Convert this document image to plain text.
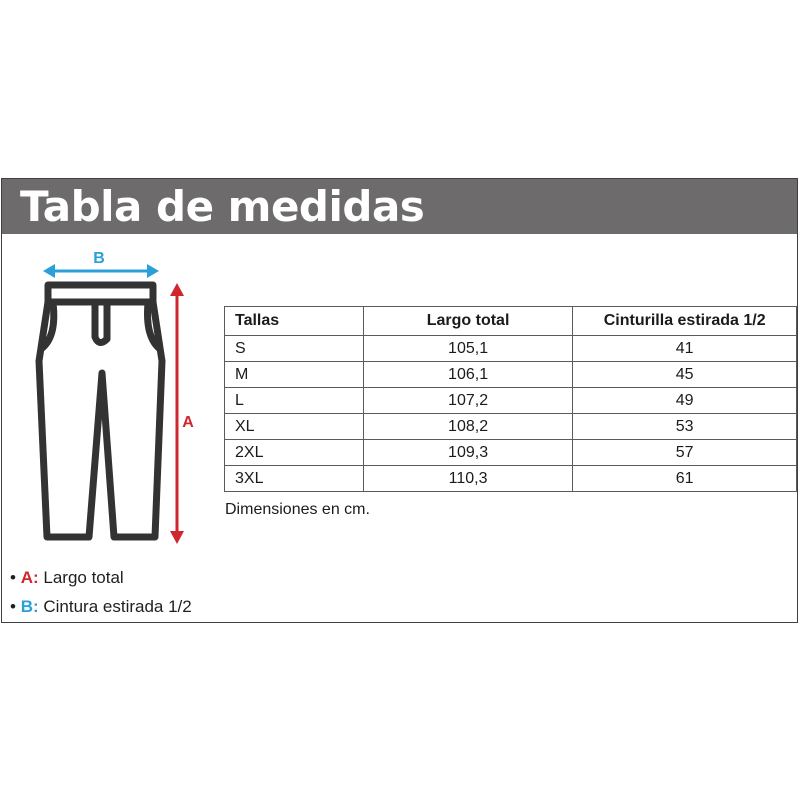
Tabla de medidas
B
A
Tallas	Largo total	Cinturilla estirada 1/2
S	105,1	41
M	106,1	45
L	107,2	49
XL	108,2	53
2XL	109,3	57
3XL	110,3	61
Dimensiones en cm.
• A: Largo total
• B: Cintura estirada 1/2
